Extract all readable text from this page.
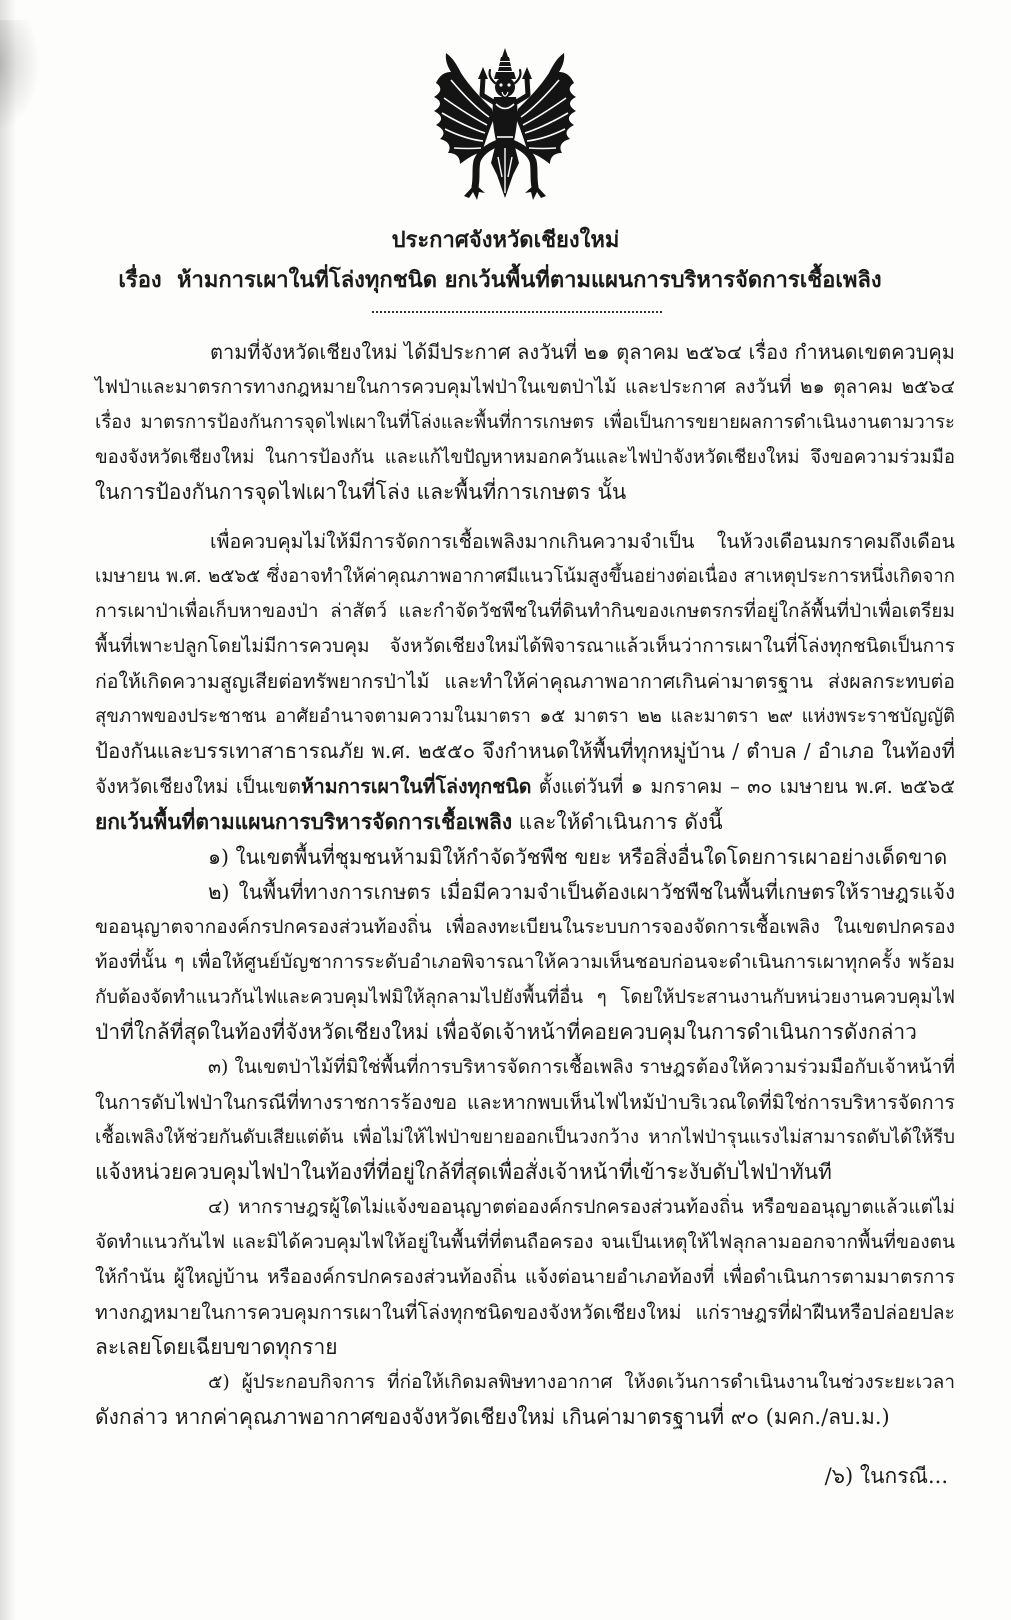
ประกาศจังหวัดเชียงใหม่
เรื่อง  ห้ามการเผาในที่โล่งทุกชนิด ยกเว้นพื้นที่ตามแผนการบริหารจัดการเชื้อเพลิง
ตามที่จังหวัดเชียงใหม่ ได้มีประกาศ ลงวันที่ ๒๑ ตุลาคม ๒๕๖๔ เรื่อง กำหนดเขตควบคุม
ไฟป่าและมาตรการทางกฎหมายในการควบคุมไฟป่าในเขตป่าไม้ และประกาศ ลงวันที่ ๒๑ ตุลาคม ๒๕๖๔
เรื่อง มาตรการป้องกันการจุดไฟเผาในที่โล่งและพื้นที่การเกษตร เพื่อเป็นการขยายผลการดำเนินงานตามวาระ
ของจังหวัดเชียงใหม่ ในการป้องกัน และแก้ไขปัญหาหมอกควันและไฟป่าจังหวัดเชียงใหม่ จึงขอความร่วมมือ
ในการป้องกันการจุดไฟเผาในที่โล่ง และพื้นที่การเกษตร นั้น
เพื่อควบคุมไม่ให้มีการจัดการเชื้อเพลิงมากเกินความจำเป็น ในห้วงเดือนมกราคมถึงเดือน
เมษายน พ.ศ. ๒๕๖๕ ซึ่งอาจทำให้ค่าคุณภาพอากาศมีแนวโน้มสูงขึ้นอย่างต่อเนื่อง สาเหตุประการหนึ่งเกิดจาก
การเผาป่าเพื่อเก็บหาของป่า ล่าสัตว์ และกำจัดวัชพืชในที่ดินทำกินของเกษตรกรที่อยู่ใกล้พื้นที่ป่าเพื่อเตรียม
พื้นที่เพาะปลูกโดยไม่มีการควบคุม จังหวัดเชียงใหม่ได้พิจารณาแล้วเห็นว่าการเผาในที่โล่งทุกชนิดเป็นการ
ก่อให้เกิดความสูญเสียต่อทรัพยากรป่าไม้ และทำให้ค่าคุณภาพอากาศเกินค่ามาตรฐาน ส่งผลกระทบต่อ
สุขภาพของประชาชน อาศัยอำนาจตามความในมาตรา ๑๕ มาตรา ๒๒ และมาตรา ๒๙ แห่งพระราชบัญญัติ
ป้องกันและบรรเทาสาธารณภัย พ.ศ. ๒๕๕๐ จึงกำหนดให้พื้นที่ทุกหมู่บ้าน / ตำบล / อำเภอ ในท้องที่
จังหวัดเชียงใหม่ เป็นเขตห้ามการเผาในที่โล่งทุกชนิด ตั้งแต่วันที่ ๑ มกราคม – ๓๐ เมษายน พ.ศ. ๒๕๖๕
ยกเว้นพื้นที่ตามแผนการบริหารจัดการเชื้อเพลิง และให้ดำเนินการ ดังนี้
๑) ในเขตพื้นที่ชุมชนห้ามมิให้กำจัดวัชพืช ขยะ หรือสิ่งอื่นใดโดยการเผาอย่างเด็ดขาด
๒) ในพื้นที่ทางการเกษตร เมื่อมีความจำเป็นต้องเผาวัชพืชในพื้นที่เกษตรให้ราษฎรแจ้ง
ขออนุญาตจากองค์กรปกครองส่วนท้องถิ่น เพื่อลงทะเบียนในระบบการจองจัดการเชื้อเพลิง ในเขตปกครอง
ท้องที่นั้น ๆ เพื่อให้ศูนย์บัญชาการระดับอำเภอพิจารณาให้ความเห็นชอบก่อนจะดำเนินการเผาทุกครั้ง พร้อม
กับต้องจัดทำแนวกันไฟและควบคุมไฟมิให้ลุกลามไปยังพื้นที่อื่น ๆ โดยให้ประสานงานกับหน่วยงานควบคุมไฟ
ป่าที่ใกล้ที่สุดในท้องที่จังหวัดเชียงใหม่ เพื่อจัดเจ้าหน้าที่คอยควบคุมในการดำเนินการดังกล่าว
๓) ในเขตป่าไม้ที่มิใช่พื้นที่การบริหารจัดการเชื้อเพลิง ราษฎรต้องให้ความร่วมมือกับเจ้าหน้าที่
ในการดับไฟป่าในกรณีที่ทางราชการร้องขอ และหากพบเห็นไฟไหม้ป่าบริเวณใดที่มิใช่การบริหารจัดการ
เชื้อเพลิงให้ช่วยกันดับเสียแต่ต้น เพื่อไม่ให้ไฟป่าขยายออกเป็นวงกว้าง หากไฟป่ารุนแรงไม่สามารถดับได้ให้รีบ
แจ้งหน่วยควบคุมไฟป่าในท้องที่ที่อยู่ใกล้ที่สุดเพื่อสั่งเจ้าหน้าที่เข้าระงับดับไฟป่าทันที
๔) หากราษฎรผู้ใดไม่แจ้งขออนุญาตต่อองค์กรปกครองส่วนท้องถิ่น หรือขออนุญาตแล้วแต่ไม่
จัดทำแนวกันไฟ และมิได้ควบคุมไฟให้อยู่ในพื้นที่ที่ตนถือครอง จนเป็นเหตุให้ไฟลุกลามออกจากพื้นที่ของตน
ให้กำนัน ผู้ใหญ่บ้าน หรือองค์กรปกครองส่วนท้องถิ่น แจ้งต่อนายอำเภอท้องที่ เพื่อดำเนินการตามมาตรการ
ทางกฎหมายในการควบคุมการเผาในที่โล่งทุกชนิดของจังหวัดเชียงใหม่ แก่ราษฎรที่ฝ่าฝืนหรือปล่อยปละ
ละเลยโดยเฉียบขาดทุกราย
๕) ผู้ประกอบกิจการ ที่ก่อให้เกิดมลพิษทางอากาศ ให้งดเว้นการดำเนินงานในช่วงระยะเวลา
ดังกล่าว หากค่าคุณภาพอากาศของจังหวัดเชียงใหม่ เกินค่ามาตรฐานที่ ๙๐ (มคก./ลบ.ม.)
/๖) ในกรณี...
